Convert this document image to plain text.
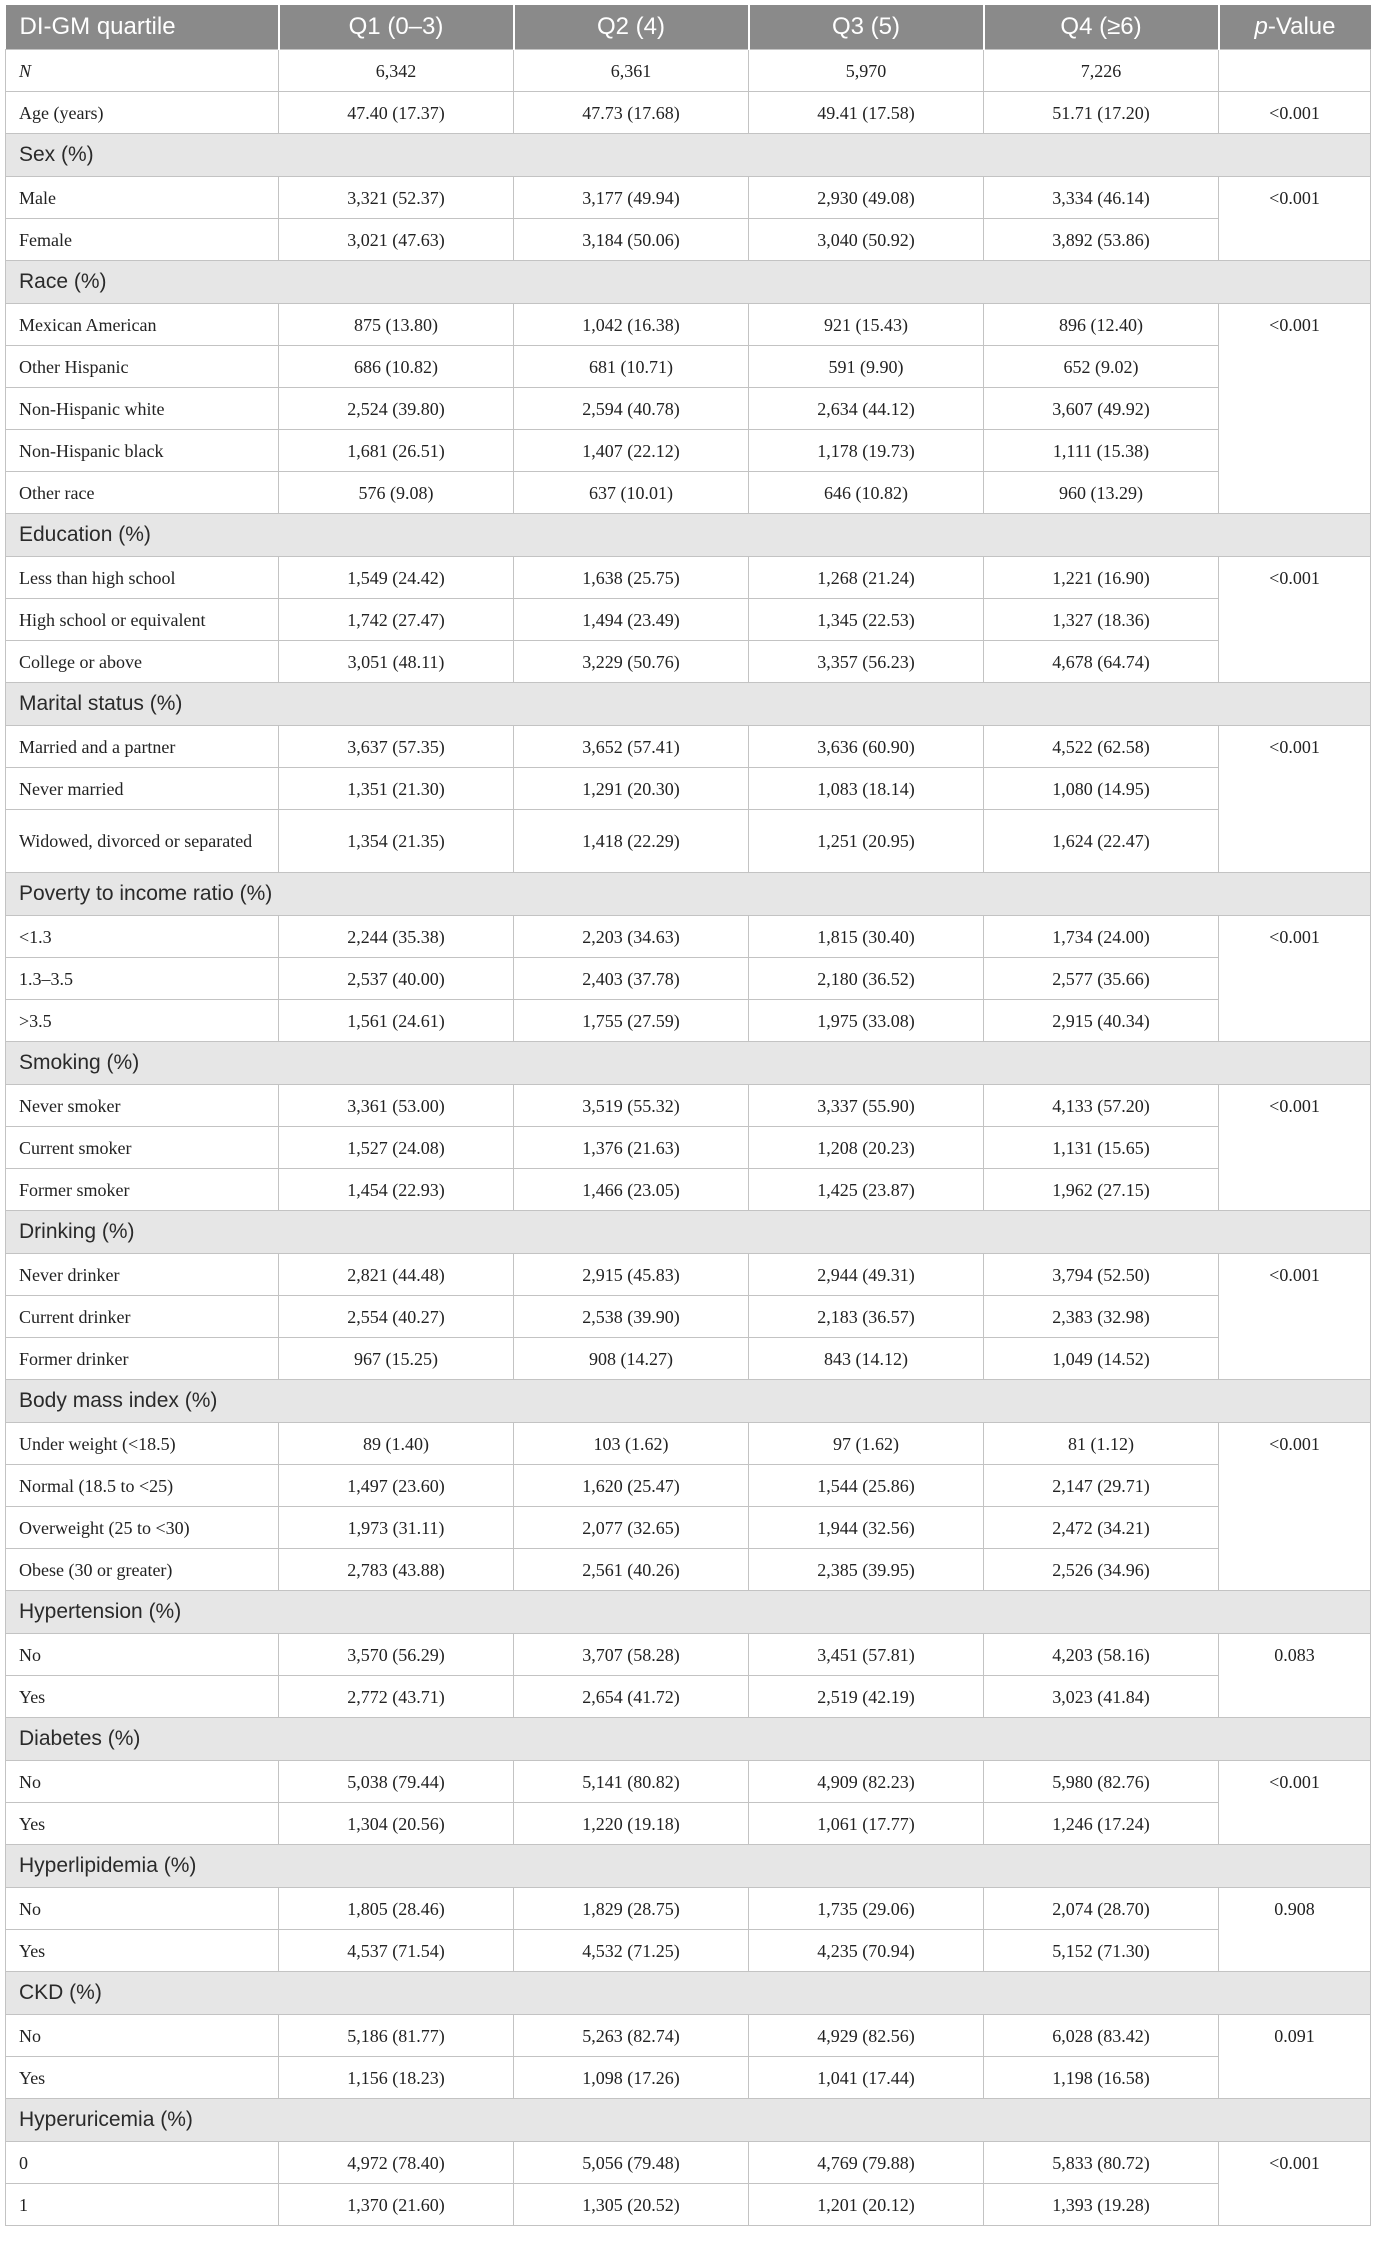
DI-GM quartile	Q1 (0–3)	Q2 (4)	Q3 (5)	Q4 (≥6)	p-Value
N	6,342	6,361	5,970	7,226	
Age (years)	47.40 (17.37)	47.73 (17.68)	49.41 (17.58)	51.71 (17.20)	<0.001
Sex (%)					
Male	3,321 (52.37)	3,177 (49.94)	2,930 (49.08)	3,334 (46.14)	<0.001
Female	3,021 (47.63)	3,184 (50.06)	3,040 (50.92)	3,892 (53.86)	
Race (%)					
Mexican American	875 (13.80)	1,042 (16.38)	921 (15.43)	896 (12.40)	<0.001
Other Hispanic	686 (10.82)	681 (10.71)	591 (9.90)	652 (9.02)	
Non-Hispanic white	2,524 (39.80)	2,594 (40.78)	2,634 (44.12)	3,607 (49.92)	
Non-Hispanic black	1,681 (26.51)	1,407 (22.12)	1,178 (19.73)	1,111 (15.38)	
Other race	576 (9.08)	637 (10.01)	646 (10.82)	960 (13.29)	
Education (%)					
Less than high school	1,549 (24.42)	1,638 (25.75)	1,268 (21.24)	1,221 (16.90)	<0.001
High school or equivalent	1,742 (27.47)	1,494 (23.49)	1,345 (22.53)	1,327 (18.36)	
College or above	3,051 (48.11)	3,229 (50.76)	3,357 (56.23)	4,678 (64.74)	
Marital status (%)					
Married and a partner	3,637 (57.35)	3,652 (57.41)	3,636 (60.90)	4,522 (62.58)	<0.001
Never married	1,351 (21.30)	1,291 (20.30)	1,083 (18.14)	1,080 (14.95)	
Widowed, divorced or separated	1,354 (21.35)	1,418 (22.29)	1,251 (20.95)	1,624 (22.47)	
Poverty to income ratio (%)					
<1.3	2,244 (35.38)	2,203 (34.63)	1,815 (30.40)	1,734 (24.00)	<0.001
1.3–3.5	2,537 (40.00)	2,403 (37.78)	2,180 (36.52)	2,577 (35.66)	
>3.5	1,561 (24.61)	1,755 (27.59)	1,975 (33.08)	2,915 (40.34)	
Smoking (%)					
Never smoker	3,361 (53.00)	3,519 (55.32)	3,337 (55.90)	4,133 (57.20)	<0.001
Current smoker	1,527 (24.08)	1,376 (21.63)	1,208 (20.23)	1,131 (15.65)	
Former smoker	1,454 (22.93)	1,466 (23.05)	1,425 (23.87)	1,962 (27.15)	
Drinking (%)					
Never drinker	2,821 (44.48)	2,915 (45.83)	2,944 (49.31)	3,794 (52.50)	<0.001
Current drinker	2,554 (40.27)	2,538 (39.90)	2,183 (36.57)	2,383 (32.98)	
Former drinker	967 (15.25)	908 (14.27)	843 (14.12)	1,049 (14.52)	
Body mass index (%)					
Under weight (<18.5)	89 (1.40)	103 (1.62)	97 (1.62)	81 (1.12)	<0.001
Normal (18.5 to <25)	1,497 (23.60)	1,620 (25.47)	1,544 (25.86)	2,147 (29.71)	
Overweight (25 to <30)	1,973 (31.11)	2,077 (32.65)	1,944 (32.56)	2,472 (34.21)	
Obese (30 or greater)	2,783 (43.88)	2,561 (40.26)	2,385 (39.95)	2,526 (34.96)	
Hypertension (%)					
No	3,570 (56.29)	3,707 (58.28)	3,451 (57.81)	4,203 (58.16)	0.083
Yes	2,772 (43.71)	2,654 (41.72)	2,519 (42.19)	3,023 (41.84)	
Diabetes (%)					
No	5,038 (79.44)	5,141 (80.82)	4,909 (82.23)	5,980 (82.76)	<0.001
Yes	1,304 (20.56)	1,220 (19.18)	1,061 (17.77)	1,246 (17.24)	
Hyperlipidemia (%)					
No	1,805 (28.46)	1,829 (28.75)	1,735 (29.06)	2,074 (28.70)	0.908
Yes	4,537 (71.54)	4,532 (71.25)	4,235 (70.94)	5,152 (71.30)	
CKD (%)					
No	5,186 (81.77)	5,263 (82.74)	4,929 (82.56)	6,028 (83.42)	0.091
Yes	1,156 (18.23)	1,098 (17.26)	1,041 (17.44)	1,198 (16.58)	
Hyperuricemia (%)					
0	4,972 (78.40)	5,056 (79.48)	4,769 (79.88)	5,833 (80.72)	<0.001
1	1,370 (21.60)	1,305 (20.52)	1,201 (20.12)	1,393 (19.28)	
